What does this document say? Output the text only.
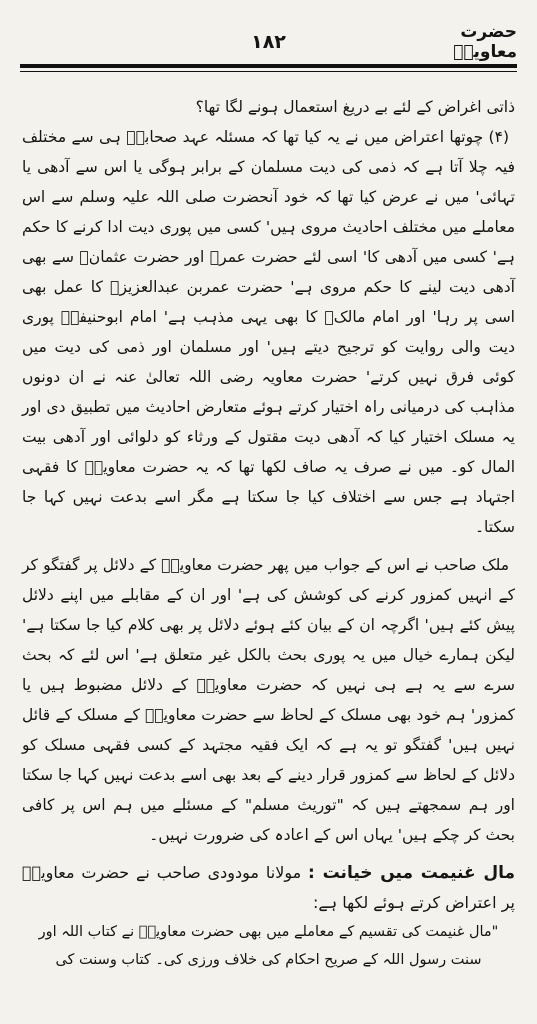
۱۸۲	حضرت معاویہؓ

ذاتی اغراض کے لئے بے دریغ استعمال ہونے لگا تھا؟

(۴) چوتھا اعتراض میں نے یہ کیا تھا کہ مسئلہ عہد صحابہؓ ہی سے مختلف فیہ چلا آتا ہے کہ ذمی کی دیت مسلمان کے برابر ہوگی یا اس سے آدھی یا تہائی' میں نے عرض کیا تھا کہ خود آنحضرت صلی اللہ علیہ وسلم سے اس معاملے میں مختلف احادیث مروی ہیں' کسی میں پوری دیت ادا کرنے کا حکم ہے' کسی میں آدھی کا' اسی لئے حضرت عمرؓ اور حضرت عثمانؓ سے بھی آدھی دیت لینے کا حکم مروی ہے' حضرت عمربن عبدالعزیزؒ کا عمل بھی اسی پر رہا' اور امام مالکؒ کا بھی یہی مذہب ہے' امام ابوحنیفہؒ پوری دیت والی روایت کو ترجیح دیتے ہیں' اور مسلمان اور ذمی کی دیت میں کوئی فرق نہیں کرتے' حضرت معاویہ رضی اللہ تعالیٰ عنہ نے ان دونوں مذاہب کی درمیانی راہ اختیار کرتے ہوئے متعارض احادیث میں تطبیق دی اور یہ مسلک اختیار کیا کہ آدھی دیت مقتول کے ورثاء کو دلوائی اور آدھی بیت المال کو۔ میں نے صرف یہ صاف لکھا تھا کہ یہ حضرت معاویہؓ کا فقہی اجتہاد ہے جس سے اختلاف کیا جا سکتا ہے مگر اسے بدعت نہیں کہا جا سکتا۔

ملک صاحب نے اس کے جواب میں پھر حضرت معاویہؓ کے دلائل پر گفتگو کر کے انہیں کمزور کرنے کی کوشش کی ہے' اور ان کے مقابلے میں اپنے دلائل پیش کئے ہیں' اگرچہ ان کے بیان کئے ہوئے دلائل پر بھی کلام کیا جا سکتا ہے' لیکن ہمارے خیال میں یہ پوری بحث بالکل غیر متعلق ہے' اس لئے کہ بحث سرے سے یہ ہے ہی نہیں کہ حضرت معاویہؓ کے دلائل مضبوط ہیں یا کمزور' ہم خود بھی مسلک کے لحاظ سے حضرت معاویہؓ کے مسلک کے قائل نہیں ہیں' گفتگو تو یہ ہے کہ ایک فقیہ مجتہد کے کسی فقہی مسلک کو دلائل کے لحاظ سے کمزور قرار دینے کے بعد بھی اسے بدعت نہیں کہا جا سکتا اور ہم سمجھتے ہیں کہ "توریث مسلم" کے مسئلے میں ہم اس پر کافی بحث کر چکے ہیں' یہاں اس کے اعادہ کی ضرورت نہیں۔

مال غنیمت میں خیانت : مولانا مودودی صاحب نے حضرت معاویہؓ پر اعتراض کرتے ہوئے لکھا ہے:

"مال غنیمت کی تقسیم کے معاملے میں بھی حضرت معاویہؓ نے کتاب اللہ اور سنت رسول اللہ کے صریح احکام کی خلاف ورزی کی۔ کتاب وسنت کی
